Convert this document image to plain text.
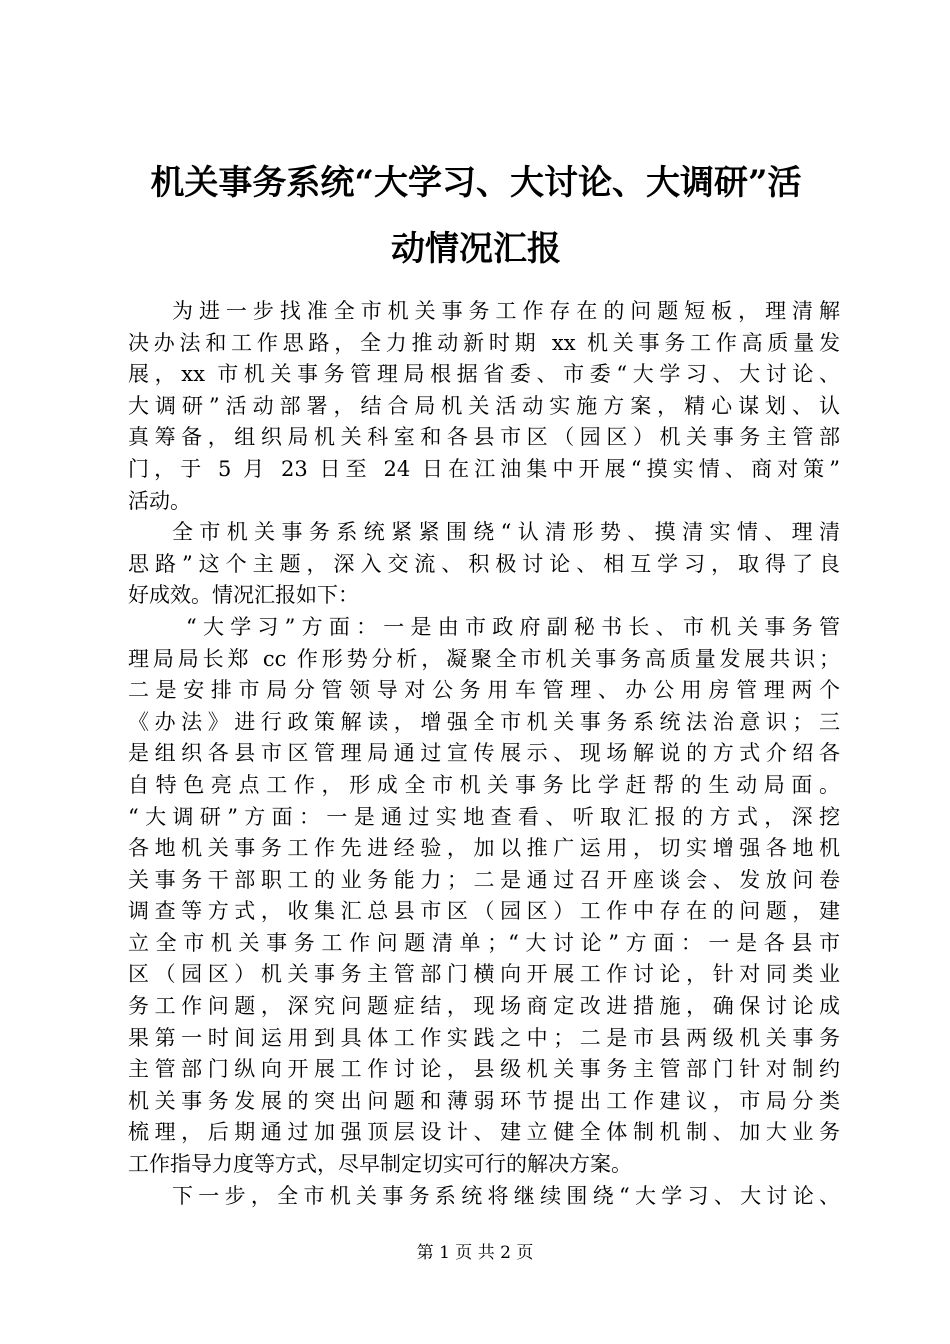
机关事务系统“大学习、大讨论、大调研”活
动情况汇报
为进一步找准全市机关事务工作存在的问题短板，理清解
决办法和工作思路，全力推动新时期 xx 机关事务工作高质量发
展，xx 市机关事务管理局根据省委、市委“大学习、大讨论、
大调研”活动部署，结合局机关活动实施方案，精心谋划、认
真筹备，组织局机关科室和各县市区（园区）机关事务主管部
门，于 5 月 23 日至 24 日在江油集中开展“摸实情、商对策”
活动。
全市机关事务系统紧紧围绕“认清形势、摸清实情、理清
思路”这个主题，深入交流、积极讨论、相互学习，取得了良
好成效。情况汇报如下：
“大学习”方面：一是由市政府副秘书长、市机关事务管
理局局长郑 cc 作形势分析，凝聚全市机关事务高质量发展共识；
二是安排市局分管领导对公务用车管理、办公用房管理两个
《办法》进行政策解读，增强全市机关事务系统法治意识；三
是组织各县市区管理局通过宣传展示、现场解说的方式介绍各
自特色亮点工作，形成全市机关事务比学赶帮的生动局面。
“大调研”方面：一是通过实地查看、听取汇报的方式，深挖
各地机关事务工作先进经验，加以推广运用，切实增强各地机
关事务干部职工的业务能力；二是通过召开座谈会、发放问卷
调查等方式，收集汇总县市区（园区）工作中存在的问题，建
立全市机关事务工作问题清单；“大讨论”方面：一是各县市
区（园区）机关事务主管部门横向开展工作讨论，针对同类业
务工作问题，深究问题症结，现场商定改进措施，确保讨论成
果第一时间运用到具体工作实践之中；二是市县两级机关事务
主管部门纵向开展工作讨论，县级机关事务主管部门针对制约
机关事务发展的突出问题和薄弱环节提出工作建议，市局分类
梳理，后期通过加强顶层设计、建立健全体制机制、加大业务
工作指导力度等方式，尽早制定切实可行的解决方案。
下一步，全市机关事务系统将继续围绕“大学习、大讨论、
第 1 页 共 2 页
